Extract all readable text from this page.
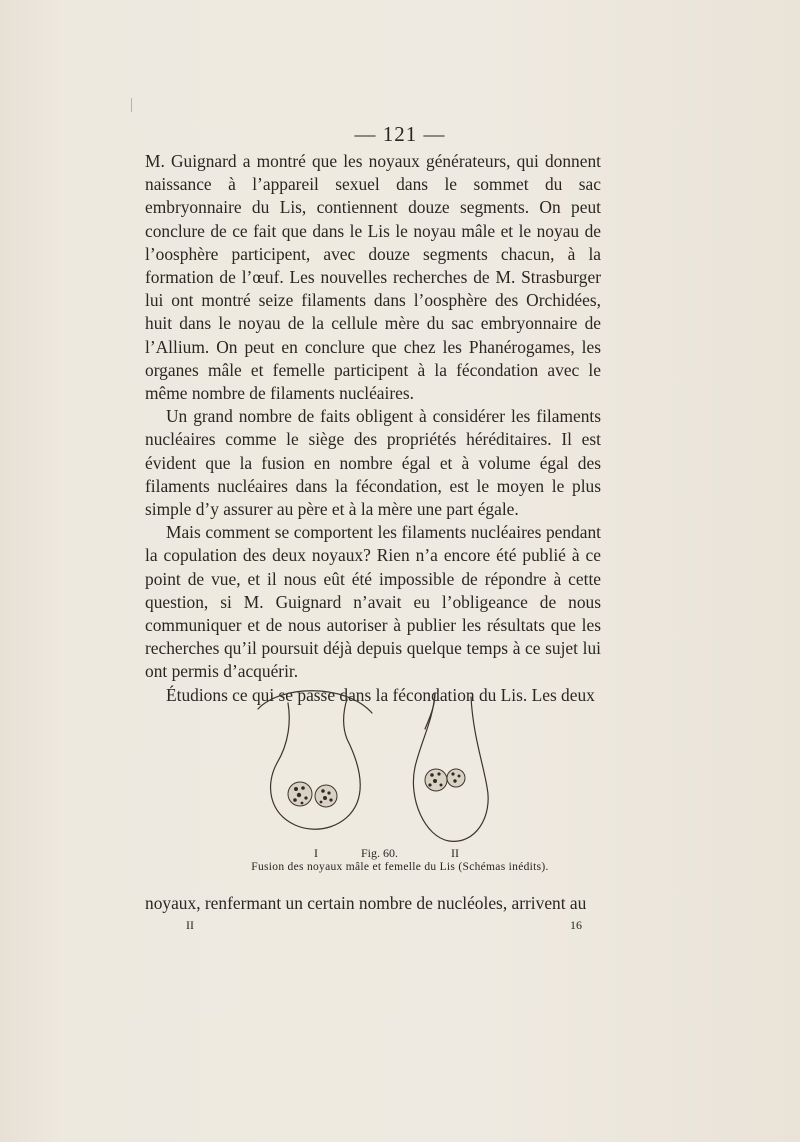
— 121 —

M. Guignard a montré que les noyaux générateurs, qui donnent naissance à l’appareil sexuel dans le sommet du sac embryonnaire du Lis, contiennent douze segments. On peut conclure de ce fait que dans le Lis le noyau mâle et le noyau de l’oosphère participent, avec douze segments chacun, à la formation de l’œuf. Les nouvelles recherches de M. Strasburger lui ont montré seize filaments dans l’oosphère des Orchidées, huit dans le noyau de la cellule mère du sac embryonnaire de l’Allium. On peut en conclure que chez les Phanérogames, les organes mâle et femelle participent à la fécondation avec le même nombre de filaments nucléaires.

Un grand nombre de faits obligent à considérer les filaments nucléaires comme le siège des propriétés héréditaires. Il est évident que la fusion en nombre égal et à volume égal des filaments nucléaires dans la fécondation, est le moyen le plus simple d’y assurer au père et à la mère une part égale.

Mais comment se comportent les filaments nucléaires pendant la copulation des deux noyaux? Rien n’a encore été publié à ce point de vue, et il nous eût été impossible de répondre à cette question, si M. Guignard n’avait eu l’obligeance de nous communiquer et de nous autoriser à publier les résultats que les recherches qu’il poursuit déjà depuis quelque temps à ce sujet lui ont permis d’acquérir.

Étudions ce qui se passe dans la fécondation du Lis. Les deux

I	Fig. 60.	II
Fusion des noyaux mâle et femelle du Lis (Schémas inédits).

noyaux, renfermant un certain nombre de nucléoles, arrivent au

II	16
